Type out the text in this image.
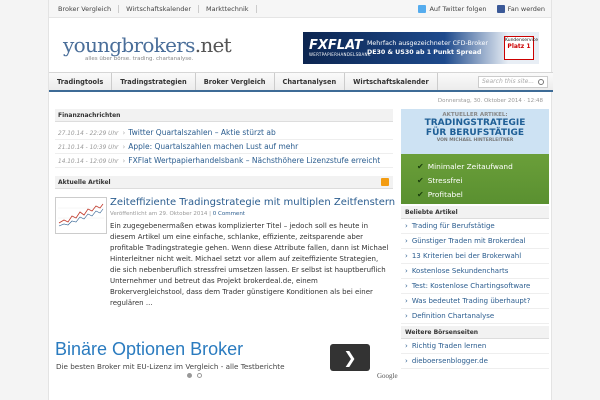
Broker Vergleich	Wirtschaftskalender	Markttechnik	Auf Twitter folgen	Fan werden
youngbrokers.net
alles über börse. trading. chartanalyse.
FXFLAT
WERTPAPIERHANDELSBANK
Mehrfach ausgezeichneter CFD-Broker
DE30 & US30 ab 1 Punkt Spread
Kundenservice
Platz 1
Tradingtools	Tradingstrategien	Broker Vergleich	Chartanalysen	Wirtschaftskalender	Search this site...
Donnerstag, 30. Oktober 2014 · 12:48
Finanznachrichten
27.10.14 - 22:29 Uhr › Twitter Quartalszahlen – Aktie stürzt ab
21.10.14 - 10:39 Uhr › Apple: Quartalszahlen machen Lust auf mehr
14.10.14 - 12:09 Uhr › FXFlat Wertpapierhandelsbank – Nächsthöhere Lizenzstufe erreicht
Aktuelle Artikel
Zeiteffiziente Tradingstrategie mit multiplen Zeitfenstern
Veröffentlicht am 29. Oktober 2014 | 0 Comment
Ein zugegebenermaßen etwas komplizierter Titel – jedoch soll es heute in diesem Artikel um eine einfache, schlanke, effiziente, zeitsparende aber profitable Tradingstrategie gehen. Wenn diese Attribute fallen, dann ist Michael Hinterleitner nicht weit. Michael setzt vor allem auf zeiteffiziente Strategien, die sich nebenberuflich stressfrei umsetzen lassen. Er selbst ist hauptberuflich Unternehmer und betreut das Projekt brokerdeal.de, einem Brokervergleichstool, dass dem Trader günstigere Konditionen als bei einer regulären ...
Binäre Optionen Broker
Die besten Broker mit EU-Lizenz im Vergleich - alle Testberichte	❯
Google
AKTUELLER ARTIKEL:
TRADINGSTRATEGIE
FÜR BERUFSTÄTIGE
VON MICHAEL HINTERLEITNER
✔ Minimaler Zeitaufwand
✔ Stressfrei
✔ Profitabel
Beliebte Artikel
› Trading für Berufstätige
› Günstiger Traden mit Brokerdeal
› 13 Kriterien bei der Brokerwahl
› Kostenlose Sekundencharts
› Test: Kostenlose Chartingsoftware
› Was bedeutet Trading überhaupt?
› Definition Chartanalyse
Weitere Börsenseiten
› Richtig Traden lernen
› dieboersenblogger.de
